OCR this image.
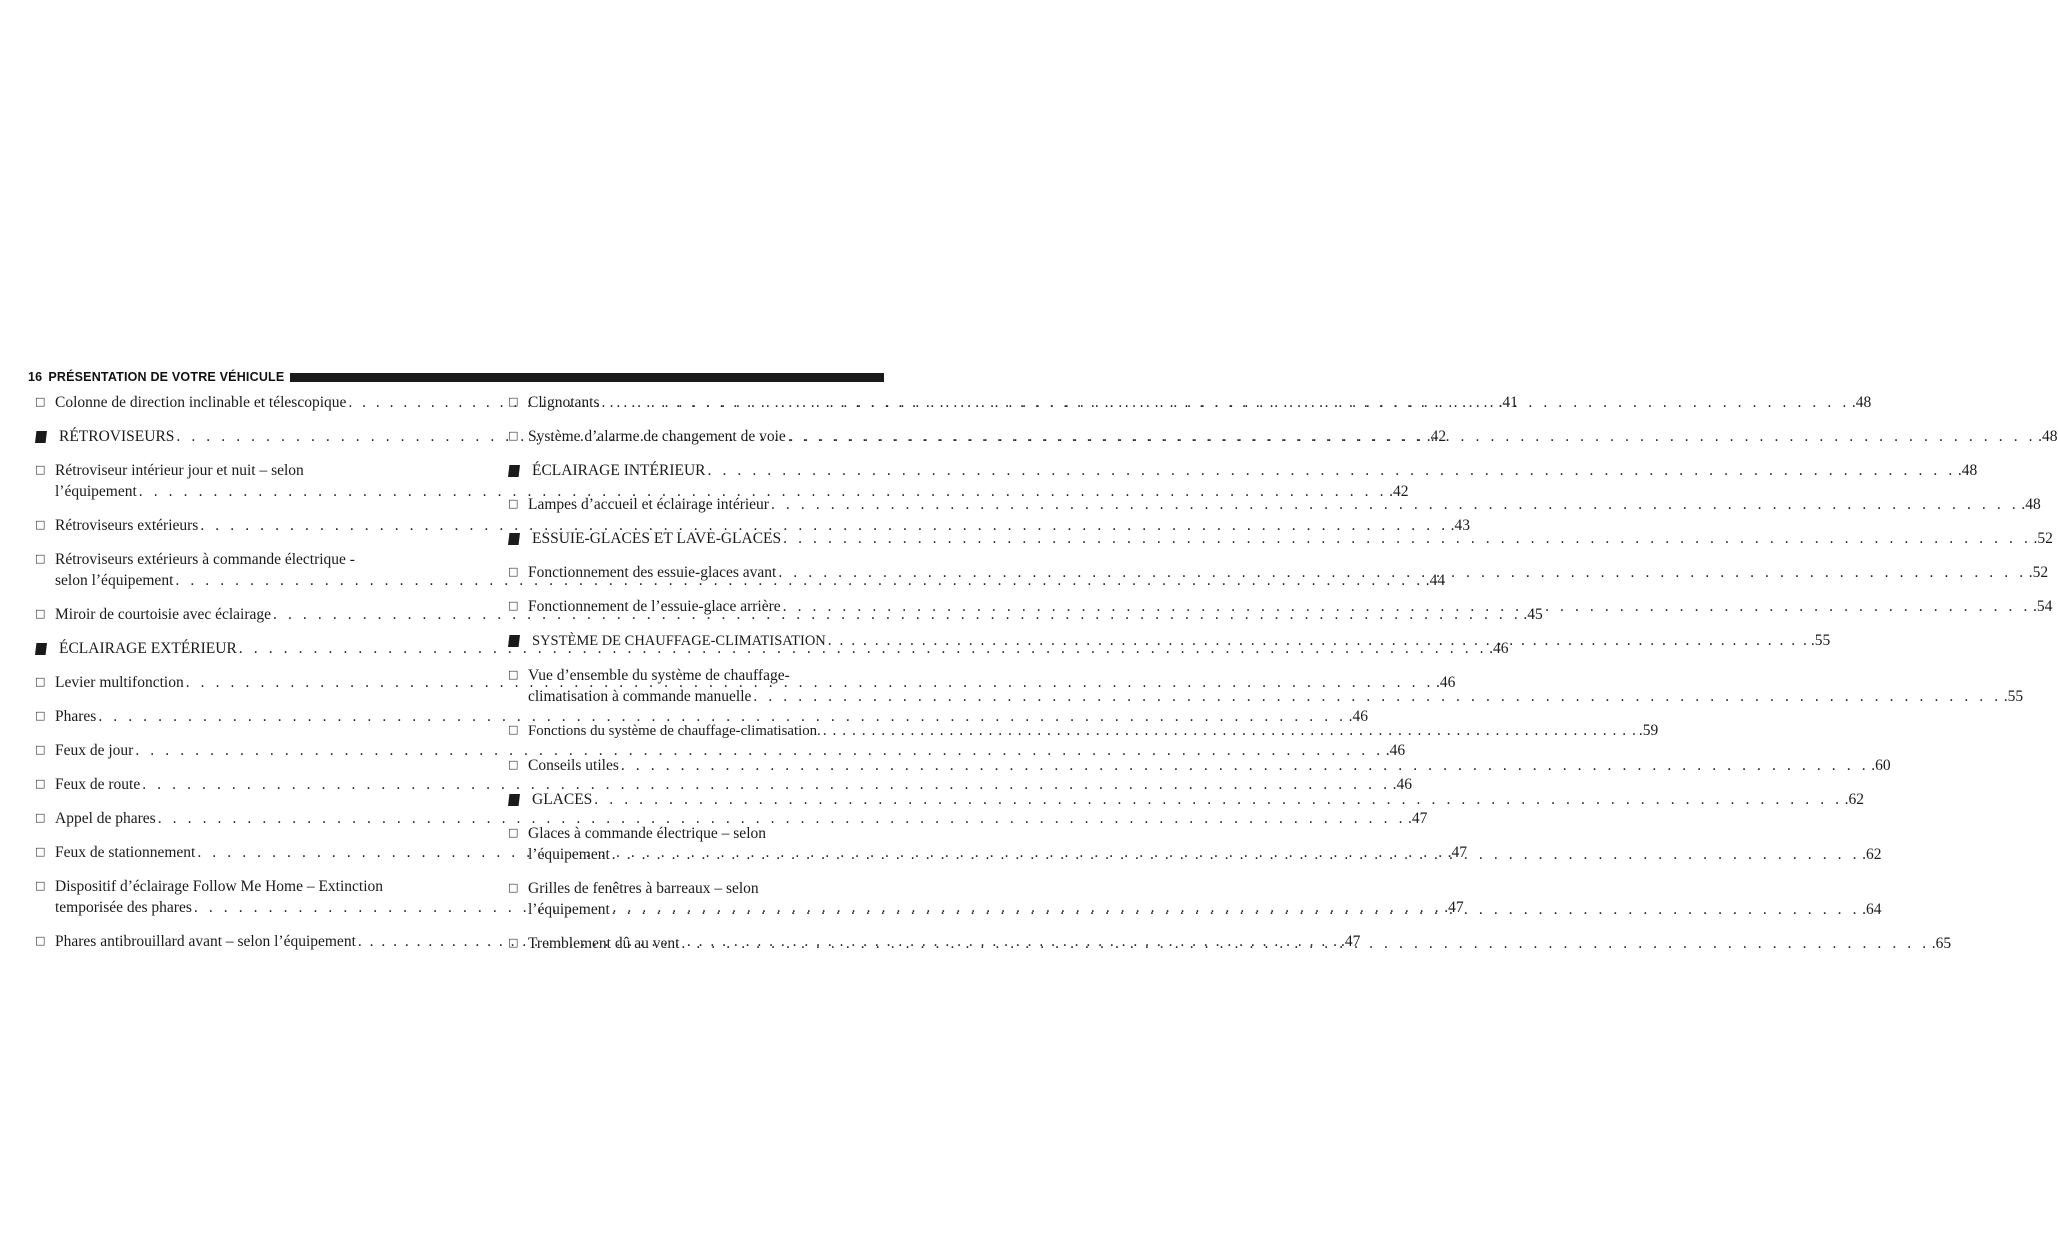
16 PRÉSENTATION DE VOTRE VÉHICULE
□ Colonne de direction inclinable et télescopique . . .	.41
RÉTROVISEURS . . .	.42
□ Rétroviseur intérieur jour et nuit – selon
l’équipement . . .	.42
□ Rétroviseurs extérieurs . . .	.43
□ Rétroviseurs extérieurs à commande électrique -
selon l’équipement . . .	.44
□ Miroir de courtoisie avec éclairage . . .	.45
ÉCLAIRAGE EXTÉRIEUR . . .	.46
□ Levier multifonction . . .	.46
□ Phares . . .	.46
□ Feux de jour . . .	.46
□ Feux de route . . .	.46
□ Appel de phares . . .	.47
□ Feux de stationnement . . .	.47
□ Dispositif d’éclairage Follow Me Home – Extinction
temporisée des phares . . .	.47
□ Phares antibrouillard avant – selon l’équipement . . .	.47
□ Clignotants . . .	.48
□ Système d’alarme de changement de voie . . .	.48
ÉCLAIRAGE INTÉRIEUR . . .	.48
□ Lampes d’accueil et éclairage intérieur . . .	.48
ESSUIE-GLACES ET LAVE-GLACES . . .	.52
□ Fonctionnement des essuie-glaces avant . . .	.52
□ Fonctionnement de l’essuie-glace arrière . . .	.54
SYSTÈME DE CHAUFFAGE-CLIMATISATION . . .	.55
□ Vue d’ensemble du système de chauffage-
climatisation à commande manuelle . . .	.55
□ Fonctions du système de chauffage-climatisation. . . .	.59
□ Conseils utiles . . .	.60
GLACES . . .	.62
□ Glaces à commande électrique – selon
l’équipement . . .	.62
□ Grilles de fenêtres à barreaux – selon
l’équipement . . .	.64
□ Tremblement dû au vent . . .	.65
